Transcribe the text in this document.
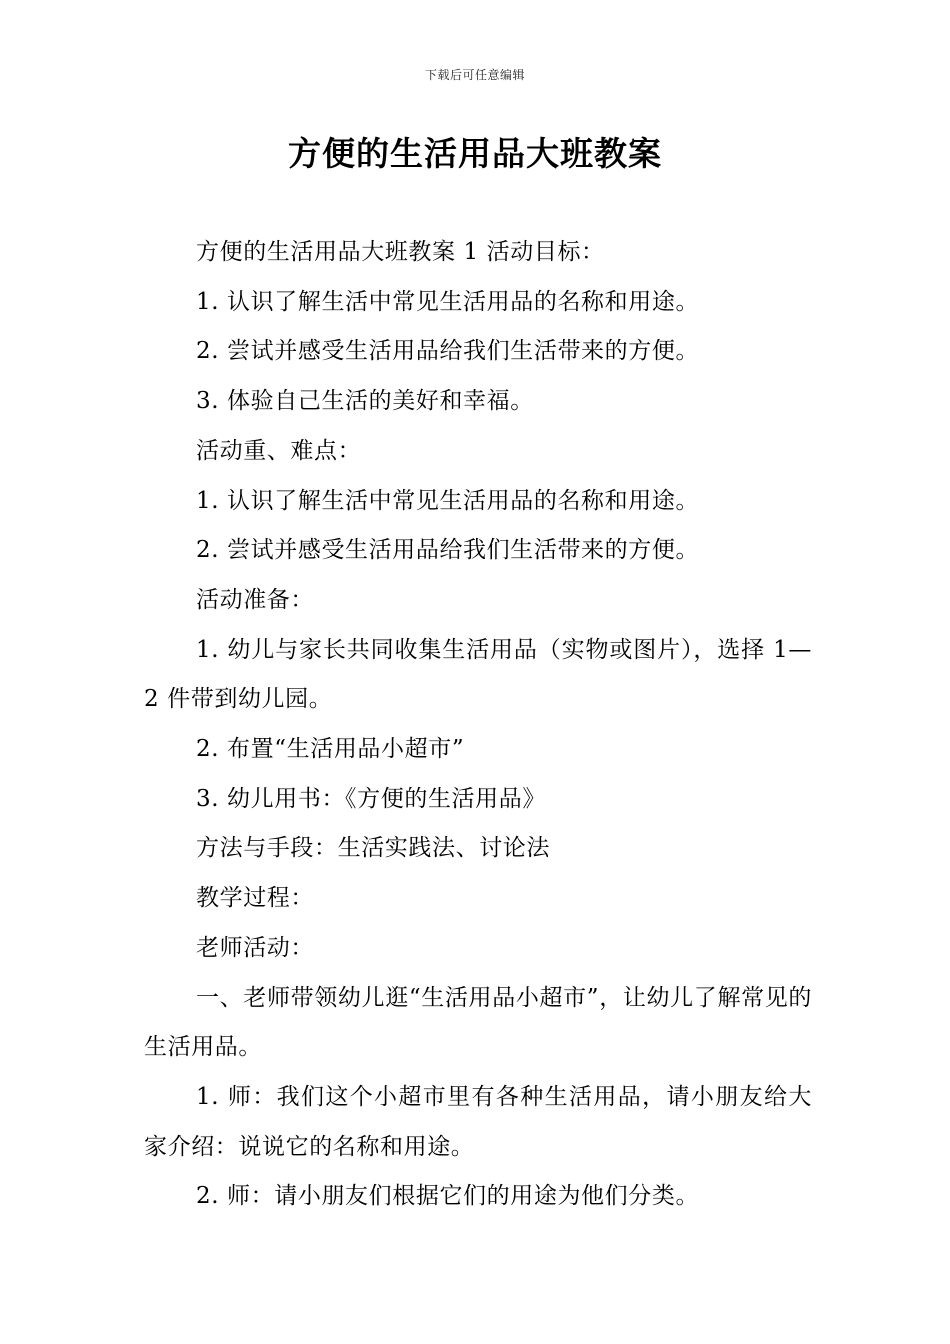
下载后可任意编辑
方便的生活用品大班教案

方便的生活用品大班教案 1 活动目标：

1. 认识了解生活中常见生活用品的名称和用途。

2. 尝试并感受生活用品给我们生活带来的方便。

3. 体验自己生活的美好和幸福。

活动重、难点：

1. 认识了解生活中常见生活用品的名称和用途。

2. 尝试并感受生活用品给我们生活带来的方便。

活动准备：

1. 幼儿与家长共同收集生活用品（实物或图片），选择 1—2 件带到幼儿园。

2. 布置“生活用品小超市”

3. 幼儿用书：《方便的生活用品》

方法与手段：生活实践法、讨论法

教学过程：

老师活动：

一、老师带领幼儿逛“生活用品小超市”，让幼儿了解常见的生活用品。

1. 师：我们这个小超市里有各种生活用品，请小朋友给大家介绍：说说它的名称和用途。

2. 师：请小朋友们根据它们的用途为他们分类。
